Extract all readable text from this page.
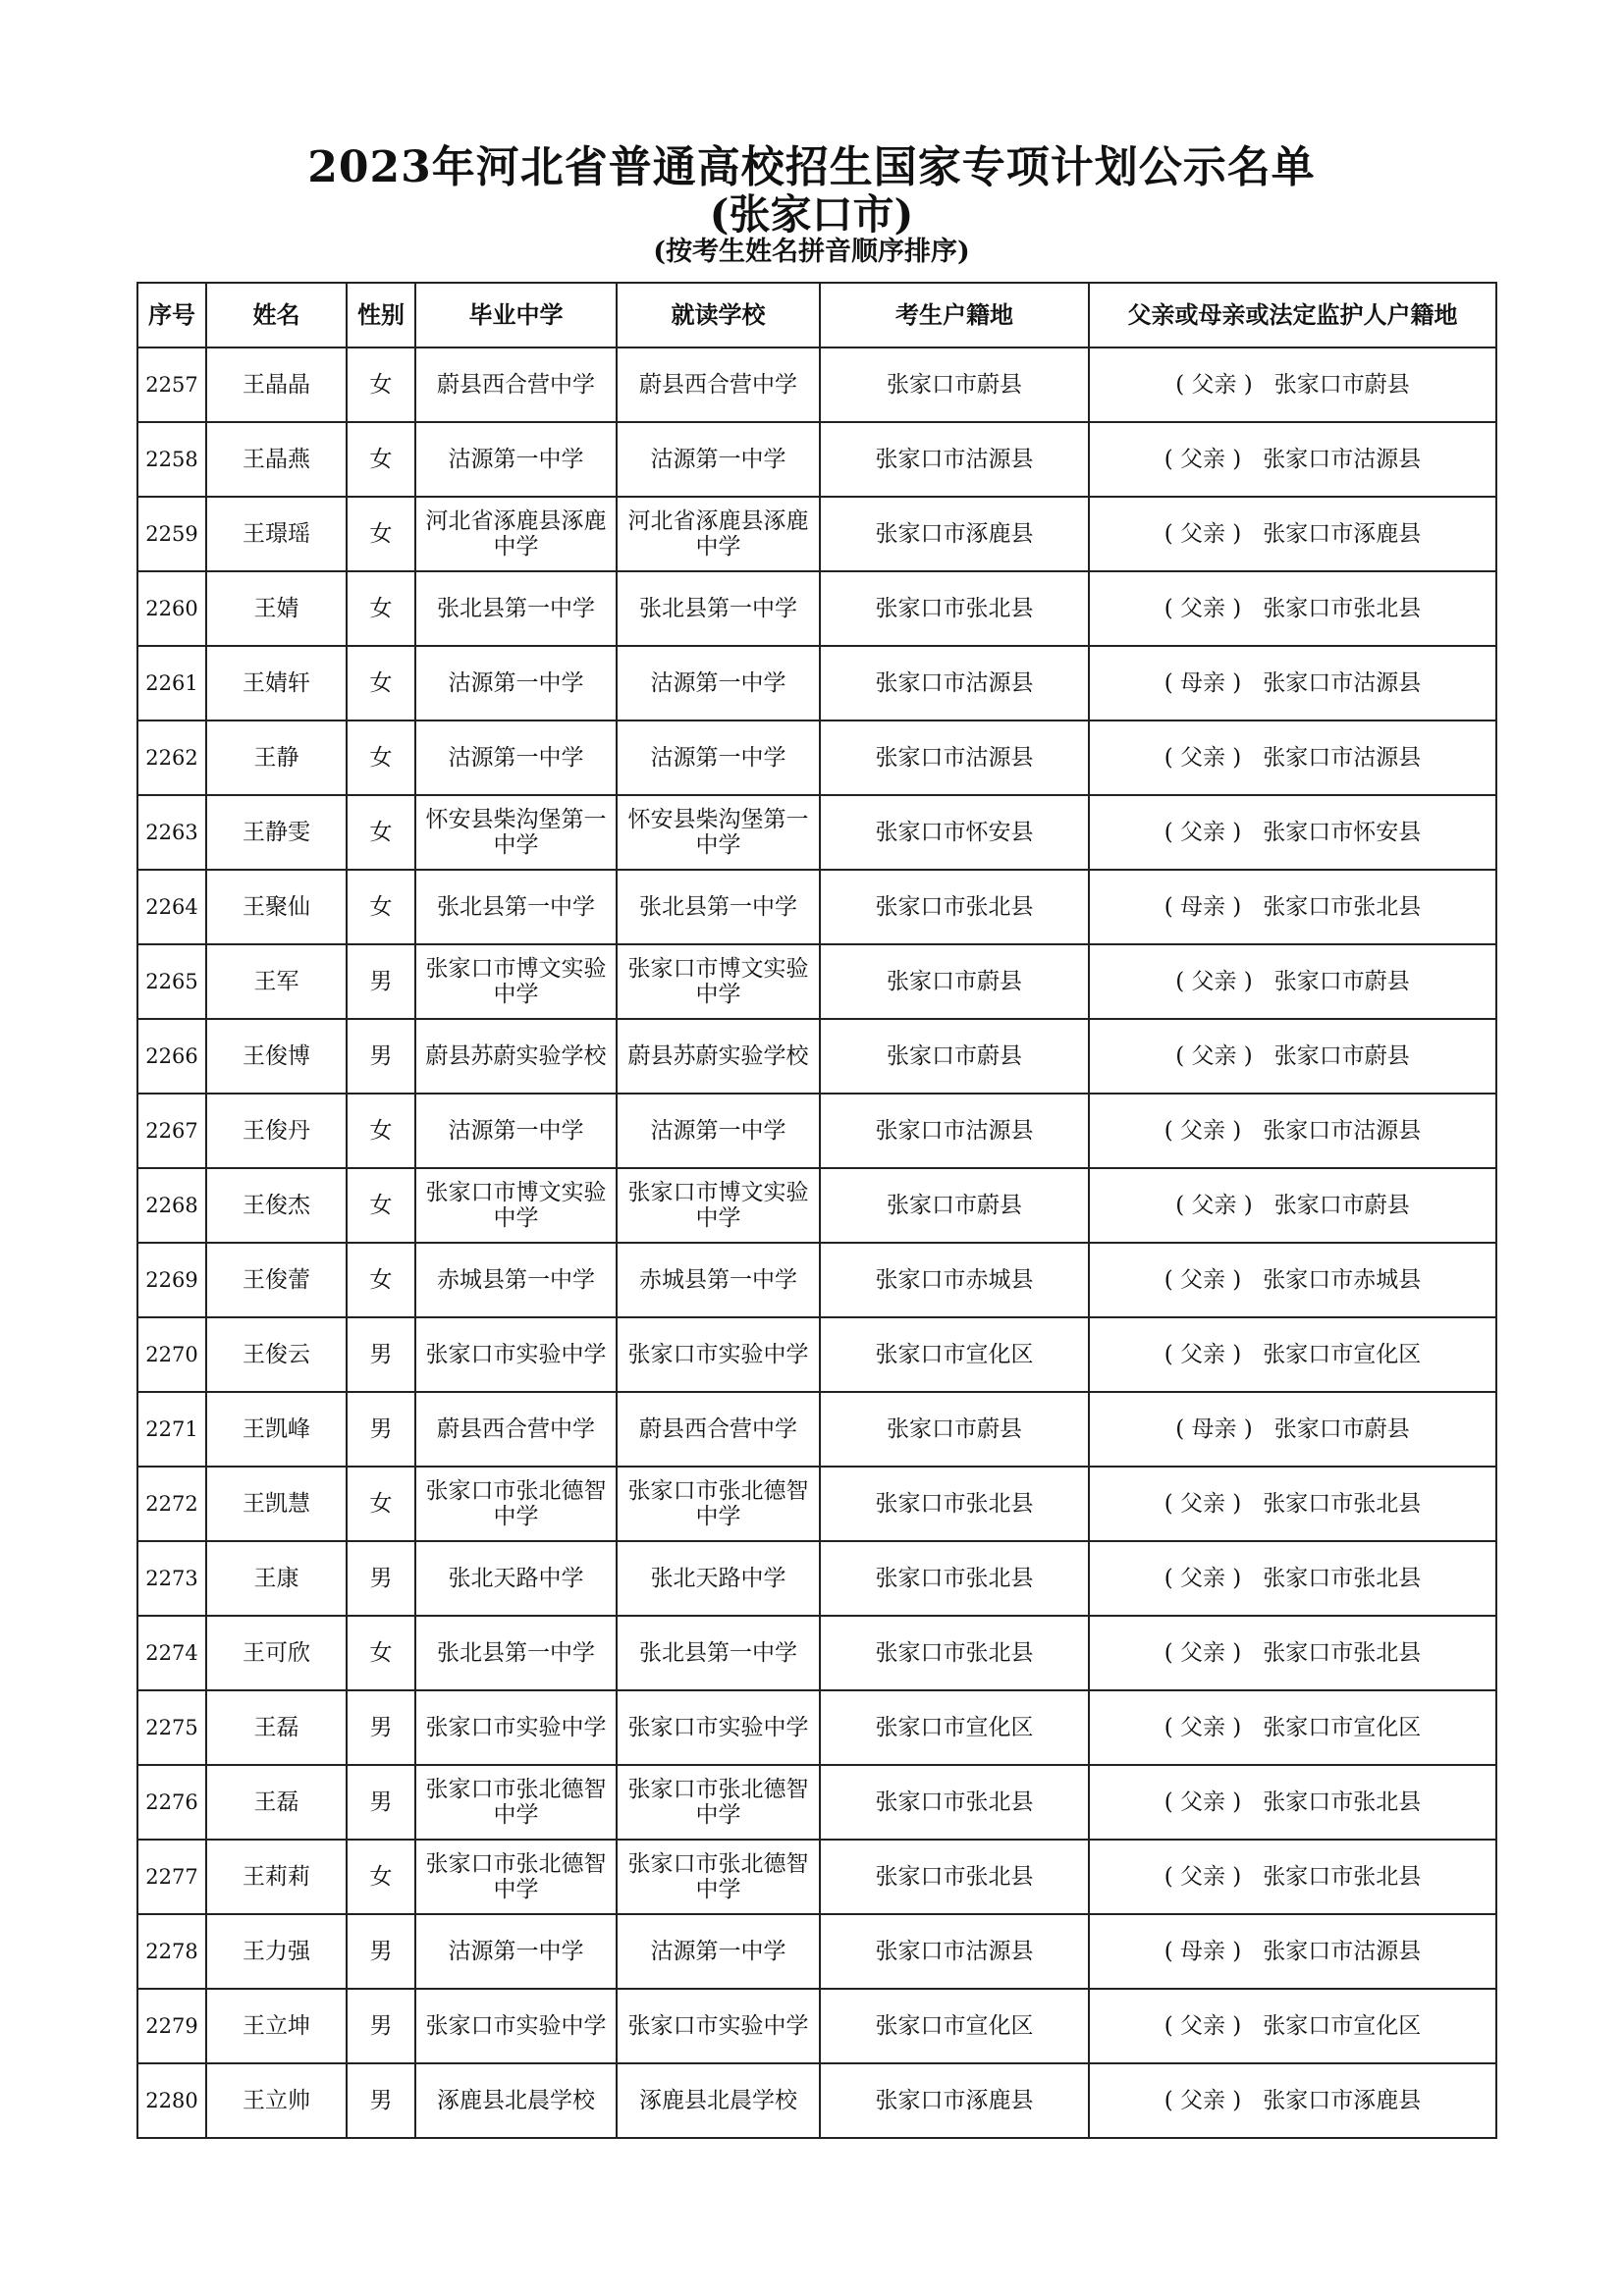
2023年河北省普通高校招生国家专项计划公示名单
(张家口市)
(按考生姓名拼音顺序排序)
序号	姓名	性别	毕业中学	就读学校	考生户籍地	父亲或母亲或法定监护人户籍地
2257	王晶晶	女	蔚县西合营中学	蔚县西合营中学	张家口市蔚县	( 父亲 ) 张家口市蔚县
2258	王晶燕	女	沽源第一中学	沽源第一中学	张家口市沽源县	( 父亲 ) 张家口市沽源县
2259	王璟瑶	女	河北省涿鹿县涿鹿中学	河北省涿鹿县涿鹿中学	张家口市涿鹿县	( 父亲 ) 张家口市涿鹿县
2260	王婧	女	张北县第一中学	张北县第一中学	张家口市张北县	( 父亲 ) 张家口市张北县
2261	王婧轩	女	沽源第一中学	沽源第一中学	张家口市沽源县	( 母亲 ) 张家口市沽源县
2262	王静	女	沽源第一中学	沽源第一中学	张家口市沽源县	( 父亲 ) 张家口市沽源县
2263	王静雯	女	怀安县柴沟堡第一中学	怀安县柴沟堡第一中学	张家口市怀安县	( 父亲 ) 张家口市怀安县
2264	王聚仙	女	张北县第一中学	张北县第一中学	张家口市张北县	( 母亲 ) 张家口市张北县
2265	王军	男	张家口市博文实验中学	张家口市博文实验中学	张家口市蔚县	( 父亲 ) 张家口市蔚县
2266	王俊博	男	蔚县苏蔚实验学校	蔚县苏蔚实验学校	张家口市蔚县	( 父亲 ) 张家口市蔚县
2267	王俊丹	女	沽源第一中学	沽源第一中学	张家口市沽源县	( 父亲 ) 张家口市沽源县
2268	王俊杰	女	张家口市博文实验中学	张家口市博文实验中学	张家口市蔚县	( 父亲 ) 张家口市蔚县
2269	王俊蕾	女	赤城县第一中学	赤城县第一中学	张家口市赤城县	( 父亲 ) 张家口市赤城县
2270	王俊云	男	张家口市实验中学	张家口市实验中学	张家口市宣化区	( 父亲 ) 张家口市宣化区
2271	王凯峰	男	蔚县西合营中学	蔚县西合营中学	张家口市蔚县	( 母亲 ) 张家口市蔚县
2272	王凯慧	女	张家口市张北德智中学	张家口市张北德智中学	张家口市张北县	( 父亲 ) 张家口市张北县
2273	王康	男	张北天路中学	张北天路中学	张家口市张北县	( 父亲 ) 张家口市张北县
2274	王可欣	女	张北县第一中学	张北县第一中学	张家口市张北县	( 父亲 ) 张家口市张北县
2275	王磊	男	张家口市实验中学	张家口市实验中学	张家口市宣化区	( 父亲 ) 张家口市宣化区
2276	王磊	男	张家口市张北德智中学	张家口市张北德智中学	张家口市张北县	( 父亲 ) 张家口市张北县
2277	王莉莉	女	张家口市张北德智中学	张家口市张北德智中学	张家口市张北县	( 父亲 ) 张家口市张北县
2278	王力强	男	沽源第一中学	沽源第一中学	张家口市沽源县	( 母亲 ) 张家口市沽源县
2279	王立坤	男	张家口市实验中学	张家口市实验中学	张家口市宣化区	( 父亲 ) 张家口市宣化区
2280	王立帅	男	涿鹿县北晨学校	涿鹿县北晨学校	张家口市涿鹿县	( 父亲 ) 张家口市涿鹿县
